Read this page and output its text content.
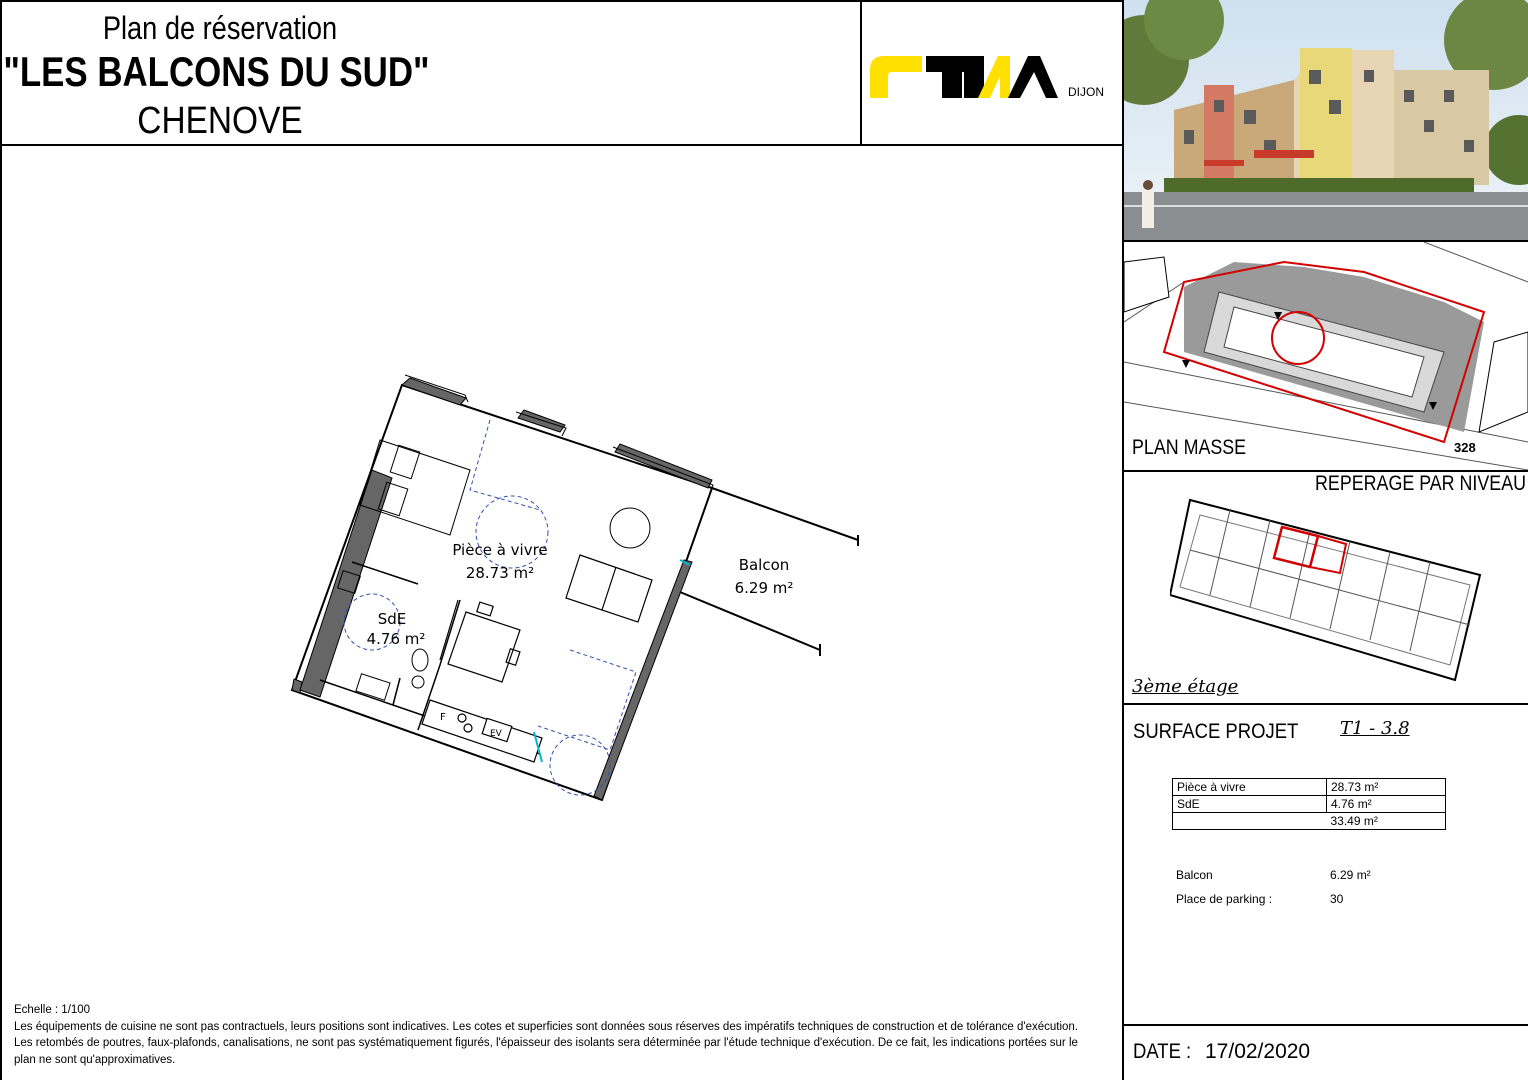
Plan de réservation
"LES BALCONS DU SUD"
CHENOVE
DIJON
328
PLAN MASSE
REPERAGE PAR NIVEAU
3ème étage
SURFACE PROJET T1 - 3.8
Pièce à vivre	28.73 m²
SdE	4.76 m²
	33.49 m²
Balcon	6.29 m²
Place de parking :	30
DATE : 17/02/2020
Pièce à vivre
28.73 m²
SdE
4.76 m²
Balcon
6.29 m²
F
EV
Echelle : 1/100
Les équipements de cuisine ne sont pas contractuels, leurs positions sont indicatives. Les cotes et superficies sont données sous réserves des impératifs techniques de construction et de tolérance d'exécution. Les retombés de poutres, faux-plafonds, canalisations, ne sont pas systématiquement figurés, l'épaisseur des isolants sera déterminée par l'étude technique d'exécution. De ce fait, les indications portées sur le plan ne sont qu'approximatives.
